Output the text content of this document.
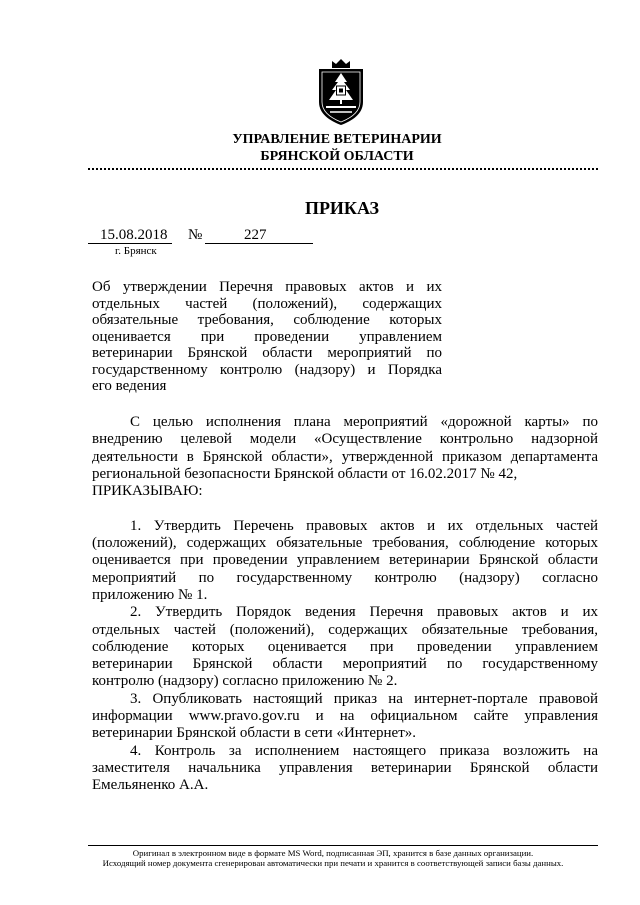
УПРАВЛЕНИЕ ВЕТЕРИНАРИИ
БРЯНСКОЙ ОБЛАСТИ
ПРИКАЗ
15.08.2018	№	227
г. Брянск
Об утверждении Перечня правовых актов и их
отдельных частей (положений), содержащих
обязательные требования, соблюдение которых
оценивается при проведении управлением
ветеринарии Брянской области мероприятий по
государственному контролю (надзору) и Порядка
его ведения
С целью исполнения плана мероприятий «дорожной карты» по
внедрению целевой модели «Осуществление контрольно надзорной
деятельности в Брянской области», утвержденной приказом департамента
региональной безопасности Брянской области от 16.02.2017 № 42,
ПРИКАЗЫВАЮ:
1. Утвердить Перечень правовых актов и их отдельных частей
(положений), содержащих обязательные требования, соблюдение которых
оценивается при проведении управлением ветеринарии Брянской области
мероприятий по государственному контролю (надзору) согласно
приложению № 1.
2. Утвердить Порядок ведения Перечня правовых актов и их
отдельных частей (положений), содержащих обязательные требования,
соблюдение которых оценивается при проведении управлением
ветеринарии Брянской области мероприятий по государственному
контролю (надзору) согласно приложению № 2.
3. Опубликовать настоящий приказ на интернет-портале правовой
информации www.pravo.gov.ru и на официальном сайте управления
ветеринарии Брянской области в сети «Интернет».
4. Контроль за исполнением настоящего приказа возложить на
заместителя начальника управления ветеринарии Брянской области
Емельяненко А.А.
Оригинал в электронном виде в формате MS Word, подписанная ЭП, хранится в базе данных организации.
Исходящий номер документа сгенерирован автоматически при печати и хранится в соответствующей записи базы данных.
